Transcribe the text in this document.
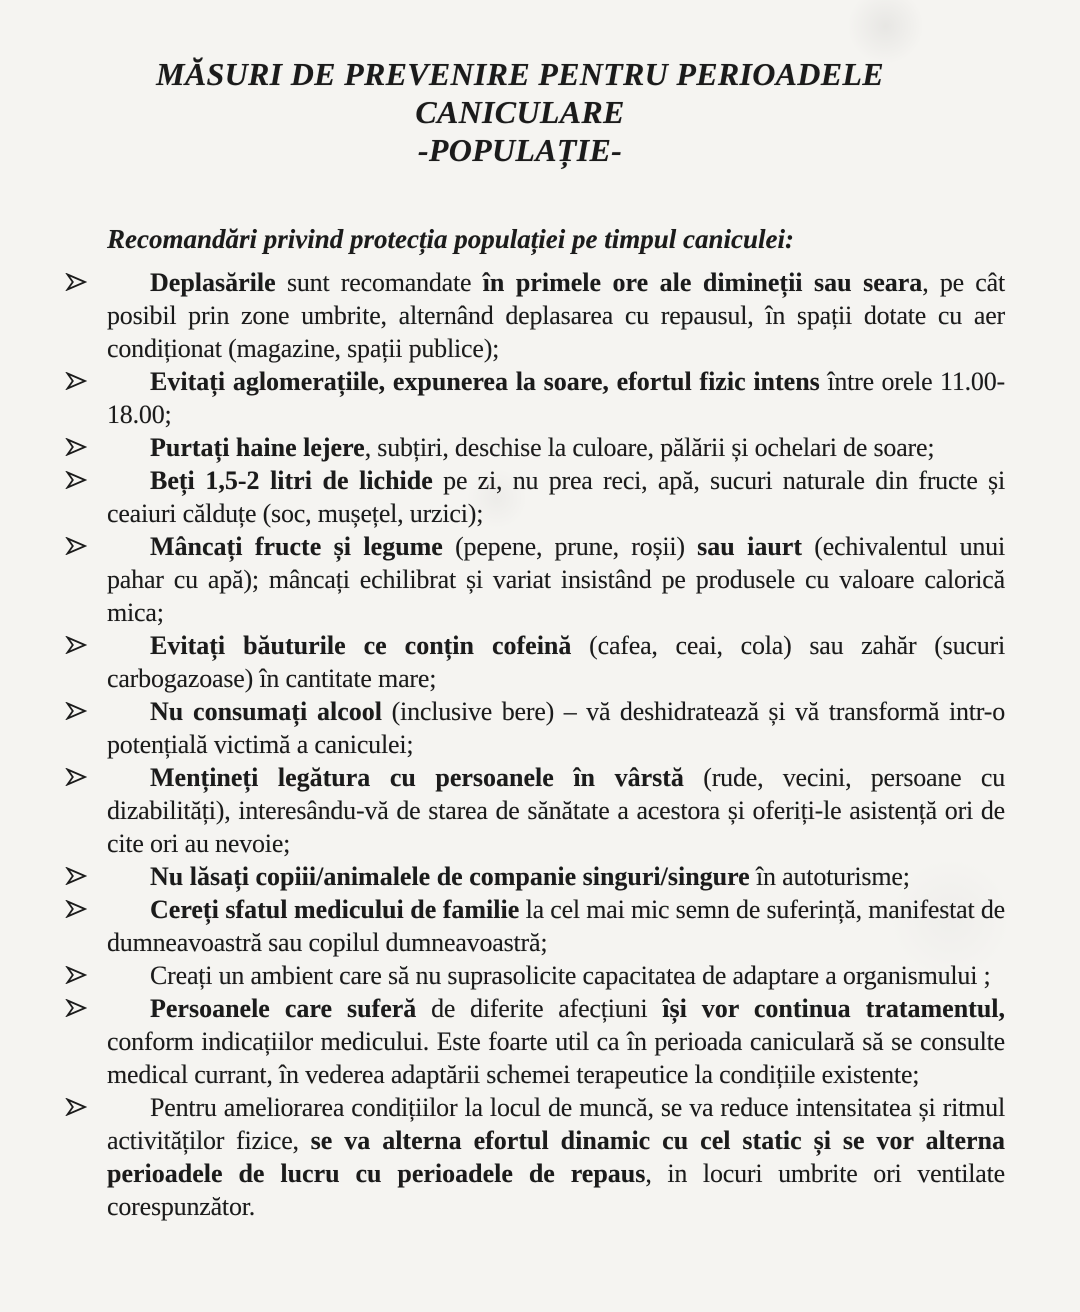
MĂSURI DE PREVENIRE PENTRU PERIOADELE
CANICULARE
-POPULAȚIE-
Recomandări privind protecția populației pe timpul caniculei:
Deplasările sunt recomandate în primele ore ale dimineții sau seara, pe cât posibil prin zone umbrite, alternând deplasarea cu repausul, în spații dotate cu aer condiționat (magazine, spații publice);
Evitați aglomerațiile, expunerea la soare, efortul fizic intens între orele 11.00-18.00;
Purtați haine lejere, subțiri, deschise la culoare, pălării și ochelari de soare;
Beți 1,5-2 litri de lichide pe zi, nu prea reci, apă, sucuri naturale din fructe și ceaiuri călduțe (soc, mușețel, urzici);
Mâncați fructe și legume (pepene, prune, roșii) sau iaurt (echivalentul unui pahar cu apă); mâncați echilibrat și variat insistând pe produsele cu valoare calorică mica;
Evitați băuturile ce conțin cofeină (cafea, ceai, cola) sau zahăr (sucuri carbogazoase) în cantitate mare;
Nu consumați alcool (inclusive bere) – vă deshidratează și vă transformă intr-o potențială victimă a caniculei;
Mențineți legătura cu persoanele în vârstă (rude, vecini, persoane cu dizabilități), interesându-vă de starea de sănătate a acestora și oferiți-le asistență ori de cite ori au nevoie;
Nu lăsați copiii/animalele de companie singuri/singure în autoturisme;
Cereți sfatul medicului de familie la cel mai mic semn de suferință, manifestat de dumneavoastră sau copilul dumneavoastră;
Creați un ambient care să nu suprasolicite capacitatea de adaptare a organismului ;
Persoanele care suferă de diferite afecțiuni își vor continua tratamentul, conform indicațiilor medicului. Este foarte util ca în perioada caniculară să se consulte medical currant, în vederea adaptării schemei terapeutice la condițiile existente;
Pentru ameliorarea condițiilor la locul de muncă, se va reduce intensitatea și ritmul activităților fizice, se va alterna efortul dinamic cu cel static și se vor alterna perioadele de lucru cu perioadele de repaus, in locuri umbrite ori ventilate corespunzător.
